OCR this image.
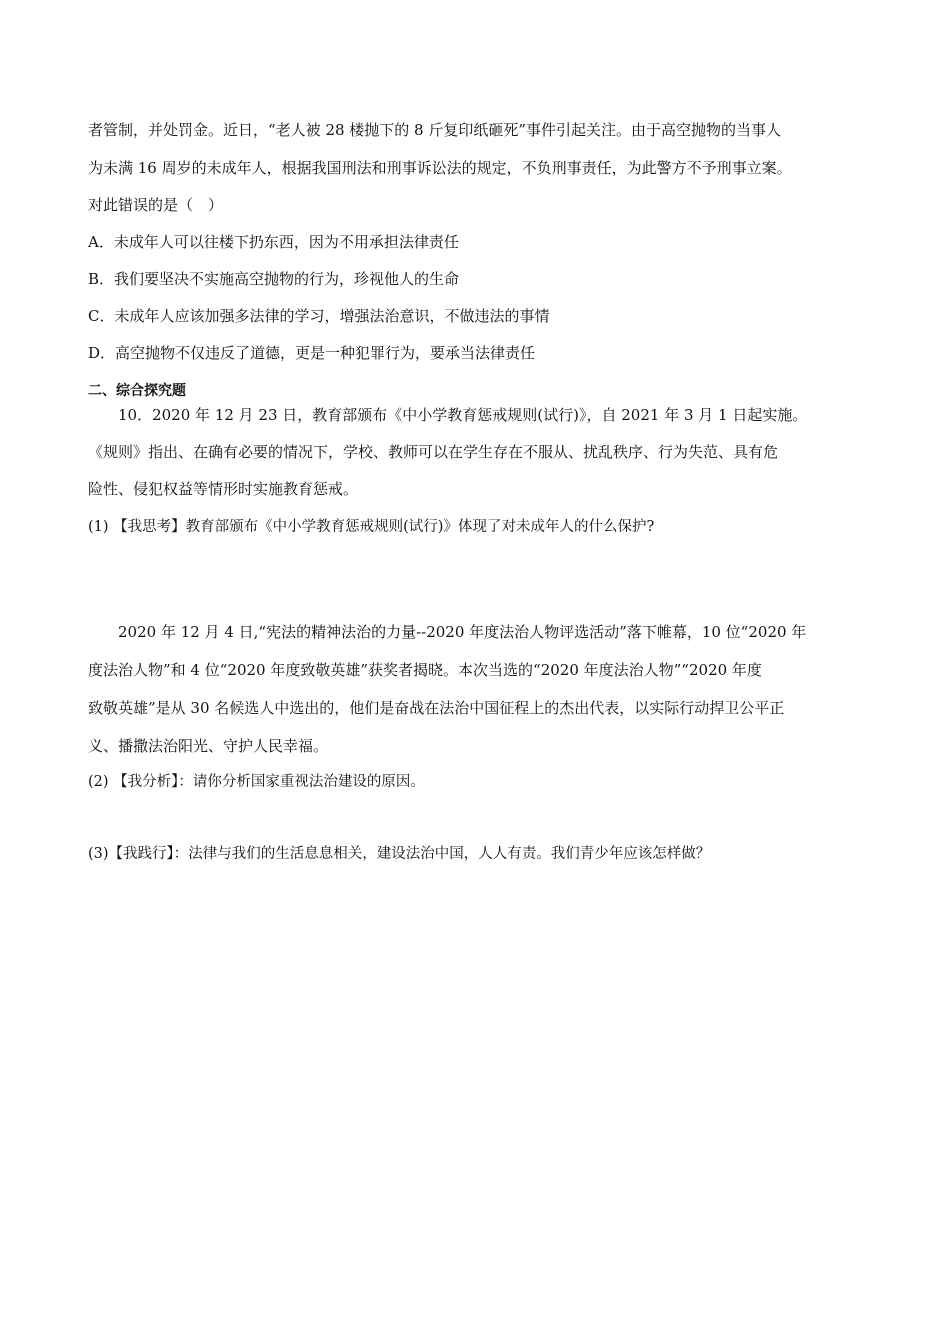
者管制，并处罚金。近日，“老人被 28 楼抛下的 8 斤复印纸砸死”事件引起关注。由于高空抛物的当事人
为未满 16 周岁的未成年人，根据我国刑法和刑事诉讼法的规定，不负刑事责任，为此警方不予刑事立案。
对此错误的是（　）
A．未成年人可以往楼下扔东西，因为不用承担法律责任
B．我们要坚决不实施高空抛物的行为，珍视他人的生命
C．未成年人应该加强多法律的学习，增强法治意识，不做违法的事情
D．高空抛物不仅违反了道德，更是一种犯罪行为，要承当法律责任
二、综合探究题
10．2020 年 12 月 23 日，教育部颁布《中小学教育惩戒规则(试行)》，自 2021 年 3 月 1 日起实施。
《规则》指出、在确有必要的情况下，学校、教师可以在学生存在不服从、扰乱秩序、行为失范、具有危
险性、侵犯权益等情形时实施教育惩戒。
(1) 【我思考】教育部颁布《中小学教育惩戒规则(试行)》体现了对未成年人的什么保护?
2020 年 12 月 4 日,“宪法的精神法治的力量--2020 年度法治人物评选活动”落下帷幕，10 位“2020 年
度法治人物”和 4 位“2020 年度致敬英雄”获奖者揭晓。本次当选的“2020 年度法治人物”“2020 年度
致敬英雄”是从 30 名候选人中选出的，他们是奋战在法治中国征程上的杰出代表，以实际行动捍卫公平正
义、播撒法治阳光、守护人民幸福。
(2) 【我分析】：请你分析国家重视法治建设的原因。
(3)【我践行】：法律与我们的生活息息相关，建设法治中国，人人有责。我们青少年应该怎样做？
